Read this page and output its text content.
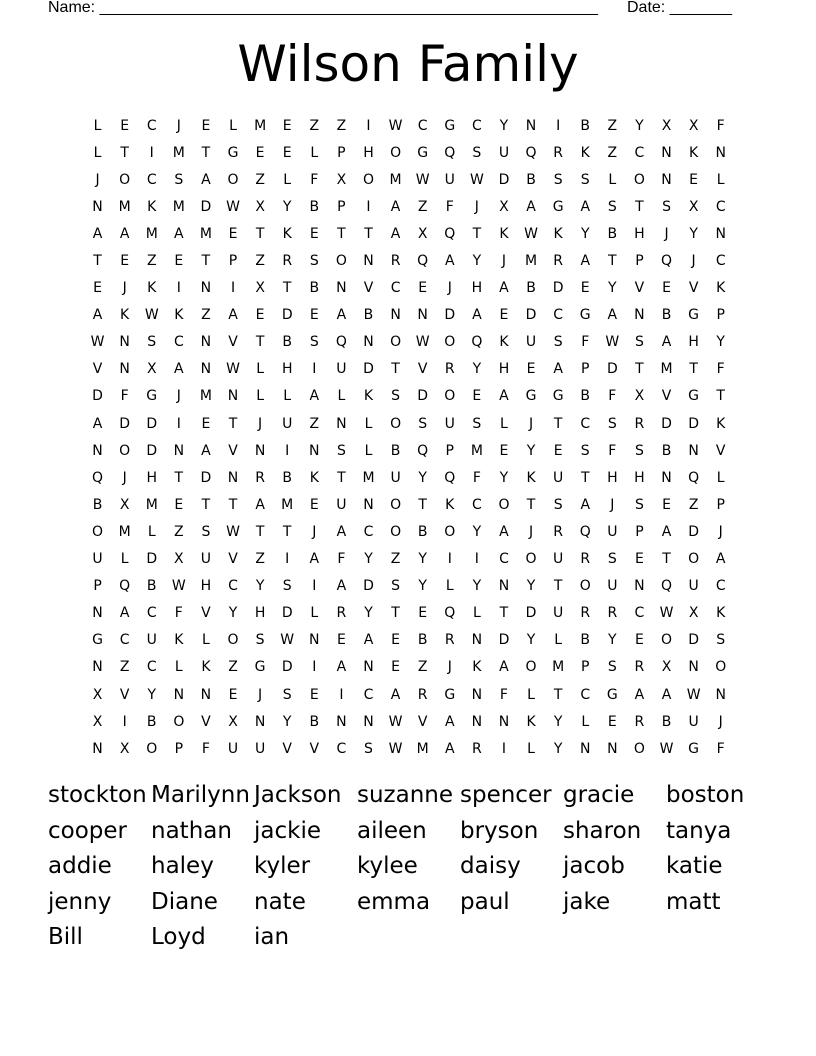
Name: ________________________________________________________ Date: _______
Wilson Family
L	E	C	J	E	L	M	E	Z	Z	I	W	C	G	C	Y	N	I	B	Z	Y	X	X	F
L	T	I	M	T	G	E	E	L	P	H	O	G	Q	S	U	Q	R	K	Z	C	N	K	N
J	O	C	S	A	O	Z	L	F	X	O	M	W	U	W	D	B	S	S	L	O	N	E	L
N	M	K	M	D	W	X	Y	B	P	I	A	Z	F	J	X	A	G	A	S	T	S	X	C
A	A	M	A	M	E	T	K	E	T	T	A	X	Q	T	K	W	K	Y	B	H	J	Y	N
T	E	Z	E	T	P	Z	R	S	O	N	R	Q	A	Y	J	M	R	A	T	P	Q	J	C
E	J	K	I	N	I	X	T	B	N	V	C	E	J	H	A	B	D	E	Y	V	E	V	K
A	K	W	K	Z	A	E	D	E	A	B	N	N	D	A	E	D	C	G	A	N	B	G	P
W	N	S	C	N	V	T	B	S	Q	N	O	W	O	Q	K	U	S	F	W	S	A	H	Y
V	N	X	A	N	W	L	H	I	U	D	T	V	R	Y	H	E	A	P	D	T	M	T	F
D	F	G	J	M	N	L	L	A	L	K	S	D	O	E	A	G	G	B	F	X	V	G	T
A	D	D	I	E	T	J	U	Z	N	L	O	S	U	S	L	J	T	C	S	R	D	D	K
N	O	D	N	A	V	N	I	N	S	L	B	Q	P	M	E	Y	E	S	F	S	B	N	V
Q	J	H	T	D	N	R	B	K	T	M	U	Y	Q	F	Y	K	U	T	H	H	N	Q	L
B	X	M	E	T	T	A	M	E	U	N	O	T	K	C	O	T	S	A	J	S	E	Z	P
O	M	L	Z	S	W	T	T	J	A	C	O	B	O	Y	A	J	R	Q	U	P	A	D	J
U	L	D	X	U	V	Z	I	A	F	Y	Z	Y	I	I	C	O	U	R	S	E	T	O	A
P	Q	B	W	H	C	Y	S	I	A	D	S	Y	L	Y	N	Y	T	O	U	N	Q	U	C
N	A	C	F	V	Y	H	D	L	R	Y	T	E	Q	L	T	D	U	R	R	C	W	X	K
G	C	U	K	L	O	S	W	N	E	A	E	B	R	N	D	Y	L	B	Y	E	O	D	S
N	Z	C	L	K	Z	G	D	I	A	N	E	Z	J	K	A	O	M	P	S	R	X	N	O
X	V	Y	N	N	E	J	S	E	I	C	A	R	G	N	F	L	T	C	G	A	A	W	N
X	I	B	O	V	X	N	Y	B	N	N	W	V	A	N	N	K	Y	L	E	R	B	U	J
N	X	O	P	F	U	U	V	V	C	S	W	M	A	R	I	L	Y	N	N	O	W	G	F
stockton Marilynn Jackson suzanne spencer gracie	boston
cooper	nathan jackie	aileen	bryson	sharon	tanya
addie	haley	kyler	kylee	daisy	jacob	katie
jenny	Diane	nate	emma	paul	jake	matt
Bill	Loyd	ian
